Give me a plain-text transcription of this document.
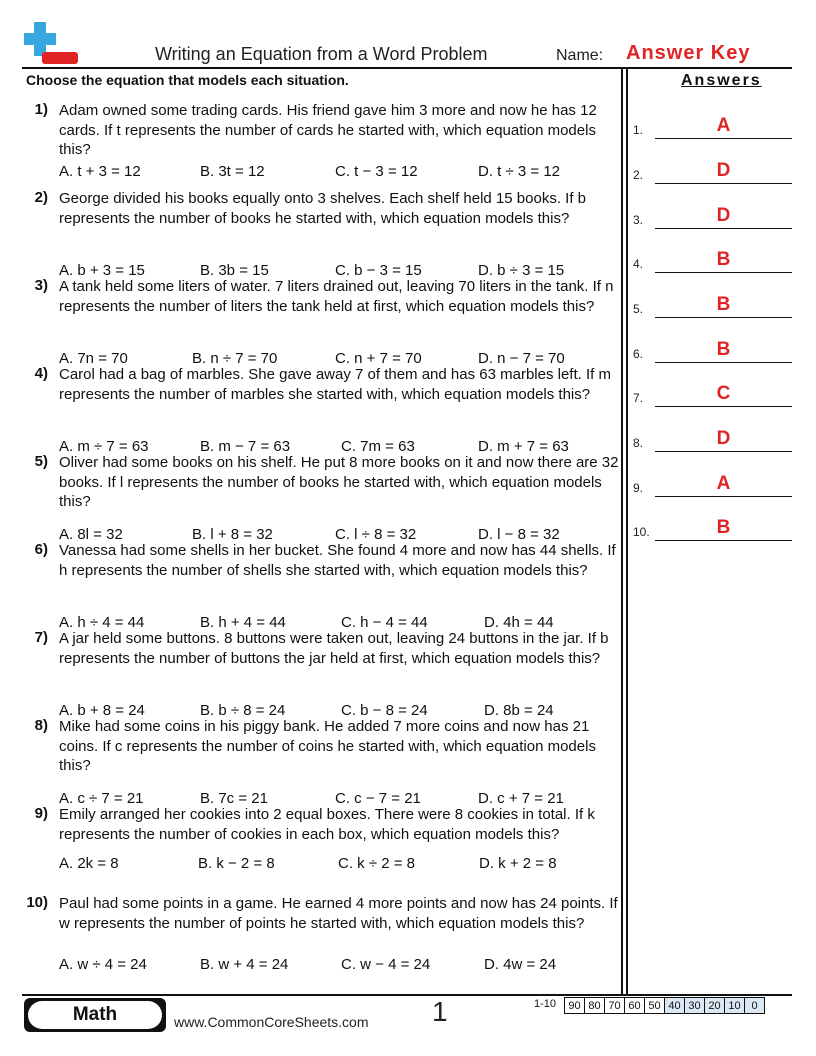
Writing an Equation from a Word Problem	Name: Answer Key
Choose the equation that models each situation.	Answers
1) Adam owned some trading cards. His friend gave him 3 more and now he has 12 cards. If t represents the number of cards he started with, which equation models this?
A. t + 3 = 12	B. 3t = 12	C. t − 3 = 12	D. t ÷ 3 = 12
2) George divided his books equally onto 3 shelves. Each shelf held 15 books. If b represents the number of books he started with, which equation models this?
A. b + 3 = 15	B. 3b = 15	C. b − 3 = 15	D. b ÷ 3 = 15
3) A tank held some liters of water. 7 liters drained out, leaving 70 liters in the tank. If n represents the number of liters the tank held at first, which equation models this?
A. 7n = 70	B. n ÷ 7 = 70	C. n + 7 = 70	D. n − 7 = 70
4) Carol had a bag of marbles. She gave away 7 of them and has 63 marbles left. If m represents the number of marbles she started with, which equation models this?
A. m ÷ 7 = 63	B. m − 7 = 63	C. 7m = 63	D. m + 7 = 63
5) Oliver had some books on his shelf. He put 8 more books on it and now there are 32 books. If l represents the number of books he started with, which equation models this?
A. 8l = 32	B. l + 8 = 32	C. l ÷ 8 = 32	D. l − 8 = 32
6) Vanessa had some shells in her bucket. She found 4 more and now has 44 shells. If h represents the number of shells she started with, which equation models this?
A. h ÷ 4 = 44	B. h + 4 = 44	C. h − 4 = 44	D. 4h = 44
7) A jar held some buttons. 8 buttons were taken out, leaving 24 buttons in the jar. If b represents the number of buttons the jar held at first, which equation models this?
A. b + 8 = 24	B. b ÷ 8 = 24	C. b − 8 = 24	D. 8b = 24
8) Mike had some coins in his piggy bank. He added 7 more coins and now has 21 coins. If c represents the number of coins he started with, which equation models this?
A. c ÷ 7 = 21	B. 7c = 21	C. c − 7 = 21	D. c + 7 = 21
9) Emily arranged her cookies into 2 equal boxes. There were 8 cookies in total. If k represents the number of cookies in each box, which equation models this?
A. 2k = 8	B. k − 2 = 8	C. k ÷ 2 = 8	D. k + 2 = 8
10) Paul had some points in a game. He earned 4 more points and now has 24 points. If w represents the number of points he started with, which equation models this?
A. w ÷ 4 = 24	B. w + 4 = 24	C. w − 4 = 24	D. 4w = 24
1.	A
2.	D
3.	D
4.	B
5.	B
6.	B
7.	C
8.	D
9.	A
10.	B
Math	www.CommonCoreSheets.com 1	1-10 90	80	70	60	50	40	30	20	10	0
